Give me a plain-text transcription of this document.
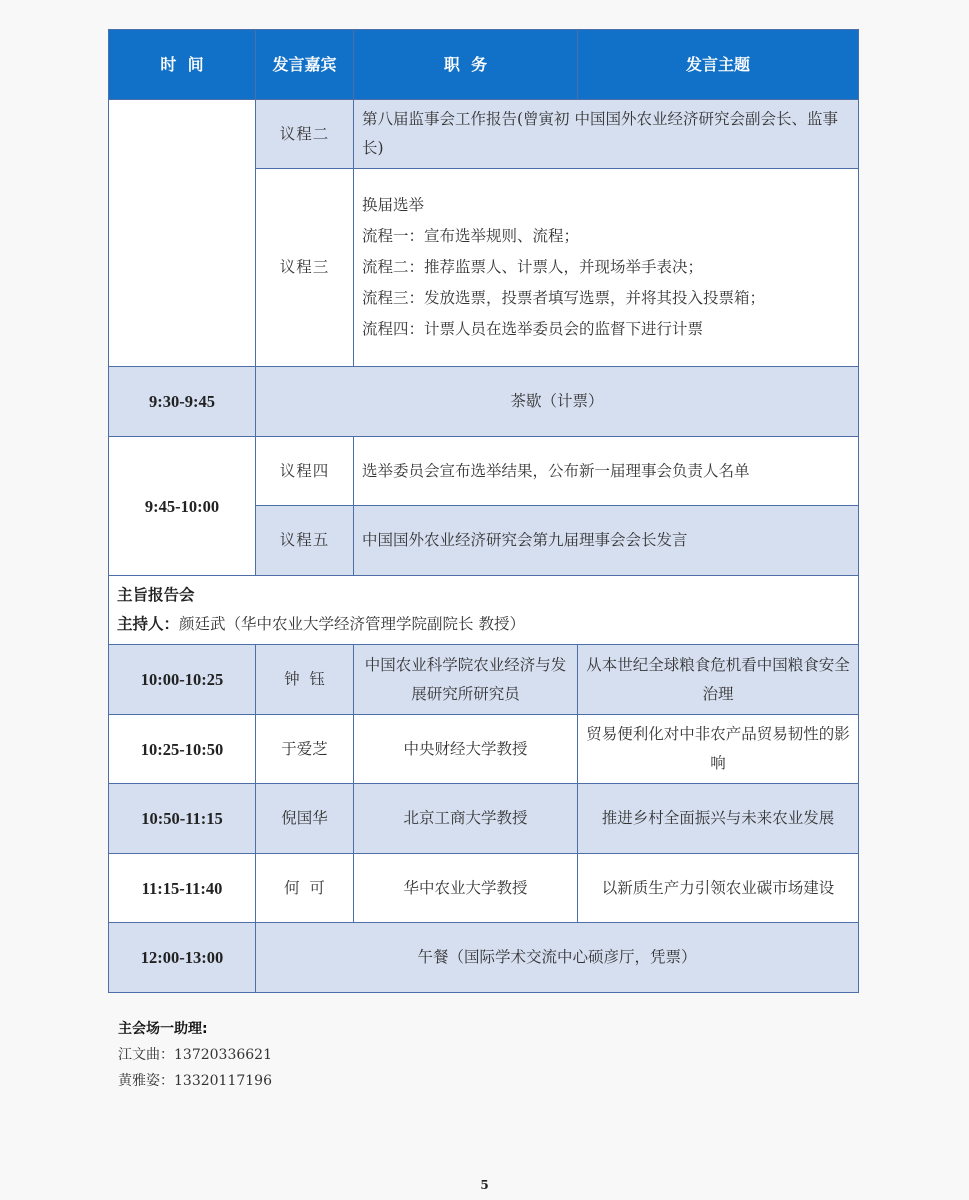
时  间	发言嘉宾	职  务	发言主题
	议程二	第八届监事会工作报告(曾寅初 中国国外农业经济研究会副会长、监事长)	
	议程三	换届选举
流程一：宣布选举规则、流程；
流程二：推荐监票人、计票人，并现场举手表决；
流程三：发放选票，投票者填写选票，并将其投入投票箱；
流程四：计票人员在选举委员会的监督下进行计票	

9:30-9:45	茶歇（计票）		
9:45-10:00	议程四	选举委员会宣布选举结果，公布新一届理事会负责人名单	
	议程五	中国国外农业经济研究会第九届理事会会长发言	

主旨报告会
主持人：颜廷武（华中农业大学经济管理学院副院长 教授）			

10:00-10:25	钟  钰	中国农业科学院农业经济与发展研究所研究员	从本世纪全球粮食危机看中国粮食安全治理
10:25-10:50	于爱芝	中央财经大学教授	贸易便利化对中非农产品贸易韧性的影响
10:50-11:15	倪国华	北京工商大学教授	推进乡村全面振兴与未来农业发展
11:15-11:40	何  可	华中农业大学教授	以新质生产力引领农业碳市场建设
12:00-13:00	午餐（国际学术交流中心硕彦厅，凭票）		
主会场一助理:
江文曲：13720336621
黄雅姿：13320117196
5
